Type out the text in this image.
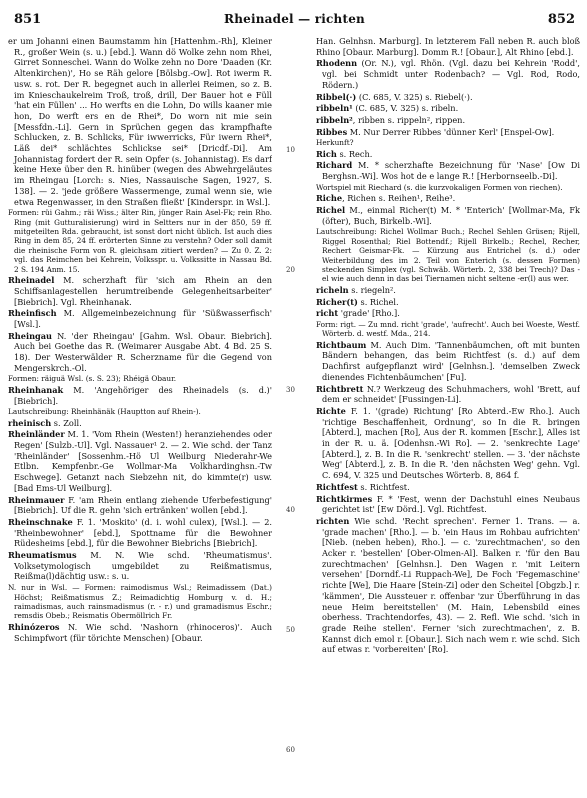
851	Rheinadel — richten	852

er um Johanni einen Baumstamm hin [Hattenhm.-Rh], Kleiner R., großer Wein (s. u.) [ebd.]. Wann dö Wolke zehn nom Rhei, Girret Sonneschei. Wann do Wolke zehn no Dore 'Daaden (Kr. Altenkirchen)', Ho se Räh gelore [Bölsbg.-Ow]. Rot iwerm R. usw. s. rot. Der R. begegnet auch in allerlei Reimen, so z. B. im Knieschaukelreim Troß, troß, drill, Der Bauer hot e Füll 'hat ein Füllen' ... Ho werfts en die Lohn, Do wills kaaner mie hon, Do werft ers en de Rhei*, Do worn nit mie sein [Messfdn.-Li]. Gern in Sprüchen gegen das krampfhafte Schlucken, z. B. Schlicks, Für iwwerricks, Für iwern Rhei*, Läß dei* schlächtes Schlickse sei* [Dricdf.-Di]. Am Johannistag fordert der R. sein Opfer (s. Johannistag). Es darf keine Hexe über den R. hinüber (wegen des Abwehrgeläutes im Rheingau [Lorch: s. Nies, Nassauische Sagen, 1927, S. 138]. — 2. 'jede größere Wassermenge, zumal wenn sie, wie etwa Regenwasser, in den Straßen fließt' [Kinderspr. in Wsl.].

Formen: rüi Gahm.; räi Wiss.; älter Rin, jünger Rain Asel-Fk; rein Rho. Ring (mit Gutturalisierung) wird in Seltters nur in der 850, 59 ff. mitgeteilten Rda. gebraucht, ist sonst dort nicht üblich. Ist auch dies Ring in dem 85, 24 ff. erörterten Sinne zu verstehn? Oder soll damit die rheinische Form von R. gleichsam zitiert werden? — Zu 0. Z. 2: vgl. das Reimchen bei Kehrein, Volksspr. u. Volkssitte in Nassau Bd. 2 S. 194 Anm. 15.

Rheinadel M. scherzhaft für 'sich am Rhein an den Schiffsanlagestellen herumtreibende Gelegenheitsarbeiter' [Biebrich]. Vgl. Rheinhanak.

Rheinfisch M. Allgemeinbezeichnung für 'Süßwasserfisch' [Wsl.].

Rheingau N. 'der Rheingau' [Gahm. Wsl. Obaur. Biebrich]. Auch bei Goethe das R. (Weimarer Ausgabe Abt. 4 Bd. 25 S. 18). Der Westerwälder R. Scherzname für die Gegend von Mengerskrch.-Ol.

Formen: räiguä Wsl. (s. S. 23); Rhéigä Obaur.

Rheinhanak M. 'Angehöriger des Rheinadels (s. d.)' [Biebrich].

Lautschreibung: Rheinhänäk (Hauptton auf Rhein-).

rheinisch s. Zoll.

Rheinländer M. 1. 'Vom Rhein (Westen!) heranziehendes oder Regen' [Sulzb.-Ul]. Vgl. Nassauer¹ 2. — 2. Wie schd. der Tanz 'Rheinländer' [Sossenhm.-Hö Ul Weilburg Niederahr-We Etlbn. Kempfenbr.-Ge Wollmar-Ma Volkhardinghsn.-Tw Eschwege]. Getanzt nach Siebzehn nit, do kimmte(r) usw. [Bad Ems-Ul Weilburg].

Rheinmauer F. 'am Rhein entlang ziehende Uferbefestigung' [Biebrich]. Uf die R. gehn 'sich ertränken' wollen [ebd.].

Rheinschnake F. 1. 'Moskito' (d. i. wohl culex), [Wsl.]. — 2. 'Rheinbewohner' [ebd.], Spottname für die Bewohner Rüdesheims [ebd.], für die Bewohner Biebrichs [Biebrich].

Rheumatismus M. N. Wie schd. 'Rheumatismus'. Volksetymologisch umgebildet zu Reißmatismus, Reißma(l)dächtig usw.: s. u.

N. nur in Wsl. — Formen: raimodismus Wsl.; Reimadissem (Dat.) Höchst; Reißmatismus Z.; Reimadichtig Homburg v. d. H.; raimadismas, auch rainsmadismus (r. - r.) und gramadismus Eschr.; remsdis Obeb.; Reismatis Obermöllrich Fr.

Rhinózeros N. Wie schd. 'Nashorn (rhinoceros)'. Auch Schimpfwort (für törichte Menschen) [Obaur.

10
20
30
40
50
60

Han. Gelnhsn. Marburg]. In letzterem Fall neben R. auch bloß Rhino [Obaur. Marburg]. Domm R.! [Obaur.], Alt Rhino [ebd.].

Rhodenn (Or. N.), vgl. Rhön. (Vgl. dazu bei Kehrein 'Rodd', vgl. bei Schmidt unter Rodenbach? — Vgl. Rod, Rodo, Rödern.)

Ribbel(·) (C. 685, V. 325) s. Riebel(·).

ribbeln¹ (C. 685, V. 325) s. ribeln.

ribbeln², ribben s. rippeln², rippen.

Ribbes M. Nur Derrer Ribbes 'dünner Kerl' [Enspel-Ow].

Herkunft?

Rich s. Rech.

Richard M. * scherzhafte Bezeichnung für 'Nase' [Ow Di Berghsn.-Wi]. Wos hot de e lange R.! [Herbornseelb.-Di].

Wortspiel mit Riechard (s. die kurzvokaligen Formen von riechen).

Riche, Richen s. Reihen¹, Reihe³.

Richel M., einmal Richer(t) M. * 'Enterich' [Wollmar-Ma, Fk (öfter), Buch, Birkelb.-Wi].

Lautschreibung: Richel Wollmar Buch.; Rechel Sehlen Grüsen; Rijell, Riggel Rosenthal; Riel Bottendf.; Rijell Birkelb.; Rechel, Recher, Rechert Geismar-Fk. — Kürzung aus Entrichel (s. d.) oder Weiterbildung des im 2. Teil von Enterich (s. dessen Formen) steckenden Simplex (vgl. Schwäb. Wörterb. 2, 338 bei Trech)? Das -el wie auch denn in das bei Tiernamen nicht seltene -er(l) aus wer.

richeln s. riegeln².

Richer(t) s. Richel.

richt 'grade' [Rho.].

Form: rigt. — Zu mnd. richt 'grade', 'aufrecht'. Auch bei Woeste, Westf. Wörterb. d. westf. Mda., 214.

Richtbaum M. Auch Dim. 'Tannenbäumchen, oft mit bunten Bändern behangen, das beim Richtfest (s. d.) auf dem Dachfirst aufgepflanzt wird' [Gelnhsn.]. 'demselben Zweck dienendes Fichtenbäumchen' [Fu].

Richtbrett N.? Werkzeug des Schuhmachers, wohl 'Brett, auf dem er schneidet' [Fussingen-Li].

Richte F. 1. '(grade) Richtung' [Ro Abterd.-Ew Rho.]. Auch 'richtige Beschaffenheit, Ordnung', so In die R. bringen [Abterd.], machen [Ro], Aus der R. kommen [Eschr.], Alles ist in der R. u. ä. [Odenhsn.-Wi Ro]. — 2. 'senkrechte Lage' [Abterd.], z. B. In die R. 'senkrecht' stellen. — 3. 'der nächste Weg' [Abterd.], z. B. In die R. 'den nächsten Weg' gehn. Vgl. C. 694, V. 325 und Deutsches Wörterb. 8, 864 f.

Richtfest s. Richtfest.

Richtkirmes F. * 'Fest, wenn der Dachstuhl eines Neubaus gerichtet ist' [Ew Dörd.]. Vgl. Richtfest.

richten Wie schd. 'Recht sprechen'. Ferner 1. Trans. — a. 'grade machen' [Rho.]. — b. 'ein Haus im Rohbau aufrichten' [Nieb. (neben heben), Rho.]. — c. 'zurechtmachen', so den Acker r. 'bestellen' [Ober-Olmen-Al]. Balken r. 'für den Bau zurechtmachen' [Gelnhsn.]. Den Wagen r. 'mit Leitern versehen' [Dorndf.-Li Ruppach-We], De Foch 'Fegemaschine' richte [We], Die Haare [Stein-Zi] oder den Scheitel [Obgzb.] r. 'kämmen', Die Aussteuer r. offenbar 'zur Überführung in das neue Heim bereitstellen' (M. Hain, Lebensbild eines oberhess. Trachtendorfes, 43). — 2. Refl. Wie schd. 'sich in grade Reihe stellen'. Ferner 'sich zurechtmachen', z. B. Kannst dich emol r. [Obaur.]. Sich nach wem r. wie schd. Sich auf etwas r. 'vorbereiten' [Ro].
